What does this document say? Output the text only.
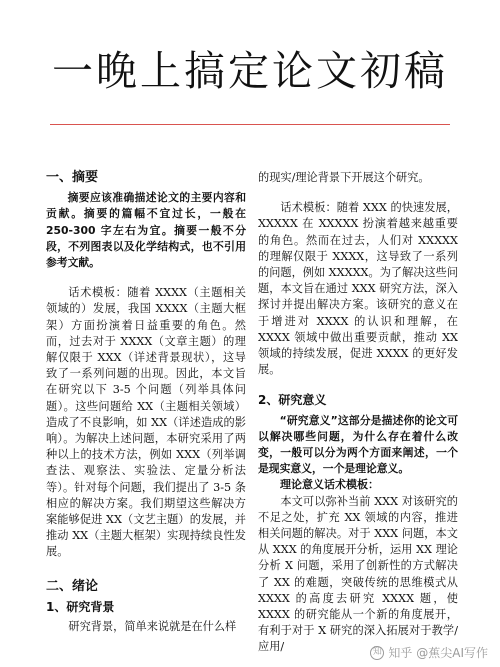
一晚上搞定论文初稿
一、摘要

摘要应该准确描述论文的主要内容和贡献。摘要的篇幅不宜过长，一般在 250-300 字左右为宜。摘要一般不分段，不列图表以及化学结构式，也不引用参考文献。

话术模板：随着 XXXX（主题相关领域的）发展，我国 XXXX（主题大框架）方面扮演着日益重要的角色。然而，过去对于 XXXX（文章主题）的理解仅限于 XXX（详述背景现状），这导致了一系列问题的出现。因此，本文旨在研究以下 3-5 个问题（列举具体问题）。这些问题给 XX（主题相关领域）造成了不良影响，如 XX（详述造成的影响）。为解决上述问题，本研究采用了两种以上的技术方法，例如 XXX（列举调查法、观察法、实验法、定量分析法等）。针对每个问题，我们提出了 3-5 条相应的解决方案。我们期望这些解决方案能够促进 XX（文艺主题）的发展，并推动 XX（主题大框架）实现持续良性发展。

二、绪论
1、研究背景

研究背景，简单来说就是在什么样

的现实/理论背景下开展这个研究。

话术模板：随着 XXX 的快速发展，XXXXX 在 XXXXX 扮演着越来越重要的角色。然而在过去，人们对 XXXXX 的理解仅限于 XXXX，这导致了一系列的问题，例如 XXXXX。为了解决这些问题，本文旨在通过 XXX 研究方法，深入探讨并提出解决方案。该研究的意义在于增进对 XXXX 的认识和理解，在 XXXX 领域中做出重要贡献，推动 XX 领域的持续发展，促进 XXXX 的更好发展。

2、研究意义

“研究意义”这部分是描述你的论文可以解决哪些问题，为什么存在着什么改变，一般可以分为两个方面来阐述，一个是现实意义，一个是理论意义。

理论意义话术模板：

本文可以弥补当前 XXX 对该研究的不足之处，扩充 XX 领域的内容，推进相关问题的解决。对于 XXX 问题，本文从 XXX 的角度展开分析，运用 XX 理论分析 X 问题，采用了创新性的方式解决了 XX 的难题，突破传统的思维模式从 XXXX 的高度去研究 XXXX 题，使 XXXX 的研究能从一个新的角度展开，有利于对于 X 研究的深入拓展对于教学/应用/	知 知乎 @蕉尖AI写作
